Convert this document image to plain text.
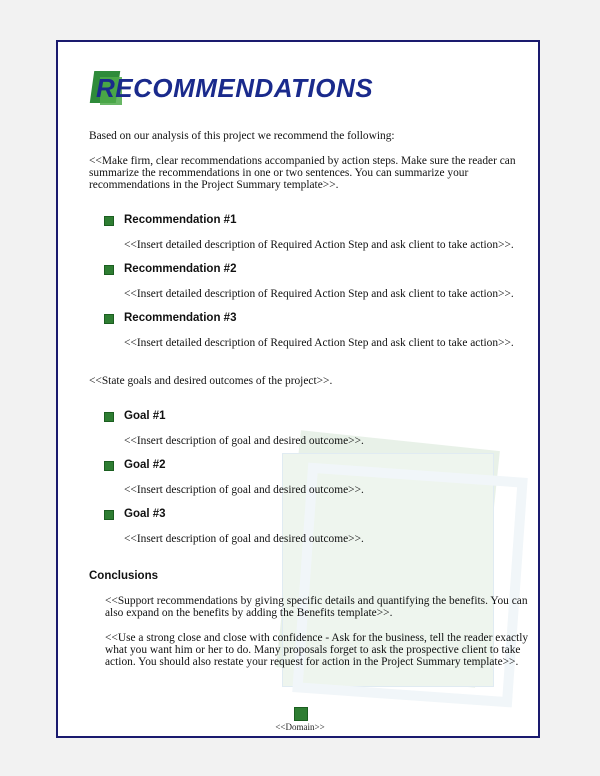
RECOMMENDATIONS
Based on our analysis of this project we recommend the following:
<<Make firm, clear recommendations accompanied by action steps. Make sure the reader can
summarize the recommendations in one or two sentences. You can summarize your
recommendations in the Project Summary template>>.
Recommendation #1
<<Insert detailed description of Required Action Step and ask client to take action>>.
Recommendation #2
<<Insert detailed description of Required Action Step and ask client to take action>>.
Recommendation #3
<<Insert detailed description of Required Action Step and ask client to take action>>.
<<State goals and desired outcomes of the project>>.
Goal #1
<<Insert description of goal and desired outcome>>.
Goal #2
<<Insert description of goal and desired outcome>>.
Goal #3
<<Insert description of goal and desired outcome>>.
Conclusions
<<Support recommendations by giving specific details and quantifying the benefits. You can
also expand on the benefits by adding the Benefits template>>.
<<Use a strong close and close with confidence - Ask for the business, tell the reader exactly
what you want him or her to do. Many proposals forget to ask the prospective client to take
action. You should also restate your request for action in the Project Summary template>>.
<<Domain>>
